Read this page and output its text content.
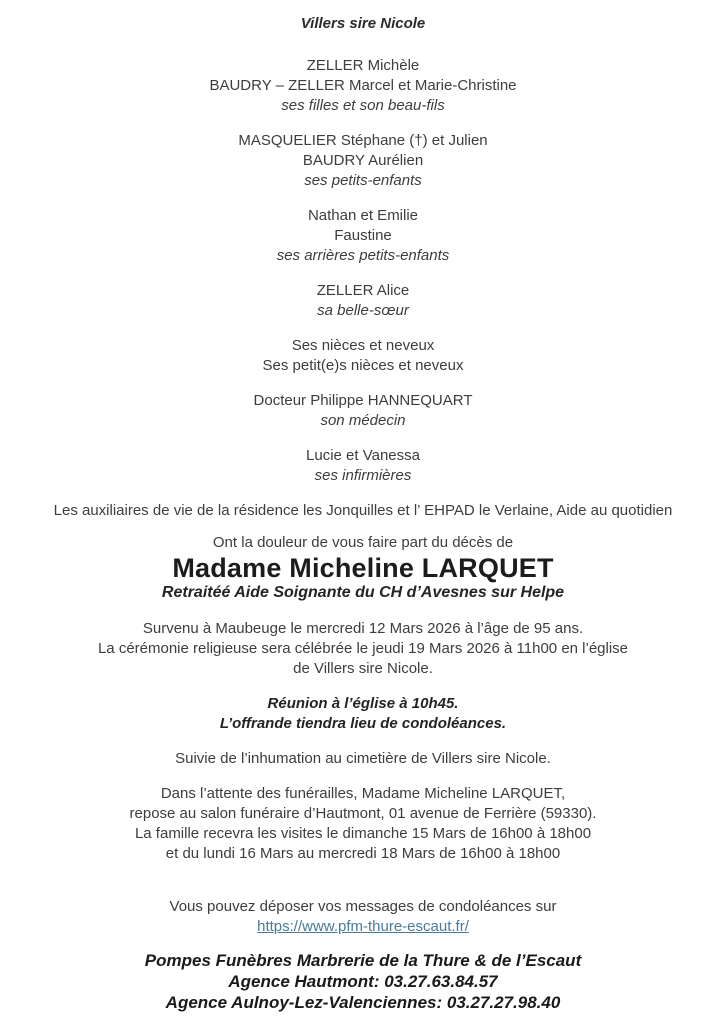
Villers sire Nicole
ZELLER Michèle
BAUDRY – ZELLER Marcel et Marie-Christine
ses filles et son beau-fils
MASQUELIER Stéphane (†) et Julien
BAUDRY Aurélien
ses petits-enfants
Nathan et Emilie
Faustine
ses arrières petits-enfants
ZELLER Alice
sa belle-sœur
Ses nièces et neveux
Ses petit(e)s nièces et neveux
Docteur Philippe HANNEQUART
son médecin
Lucie et Vanessa
ses infirmières
Les auxiliaires de vie de la résidence les Jonquilles et l’ EHPAD le Verlaine, Aide au quotidien
Ont la douleur de vous faire part du décès de
Madame Micheline LARQUET
Retraitéé Aide Soignante du CH d’Avesnes sur Helpe
Survenu à Maubeuge le mercredi 12 Mars 2026 à l’âge de 95 ans.
La cérémonie religieuse sera célébrée le jeudi 19 Mars 2026 à 11h00 en l’église
de Villers sire Nicole.
Réunion à l’église à 10h45.
L’offrande tiendra lieu de condoléances.
Suivie de l’inhumation au cimetière de Villers sire Nicole.
Dans l’attente des funérailles, Madame Micheline LARQUET,
repose au salon funéraire d’Hautmont, 01 avenue de Ferrière (59330).
La famille recevra les visites le dimanche 15 Mars de 16h00 à 18h00
et du lundi 16 Mars au mercredi 18 Mars de 16h00 à 18h00
Vous pouvez déposer vos messages de condoléances sur
https://www.pfm-thure-escaut.fr/
Pompes Funèbres Marbrerie de la Thure & de l’Escaut
Agence Hautmont: 03.27.63.84.57
Agence Aulnoy-Lez-Valenciennes: 03.27.27.98.40
